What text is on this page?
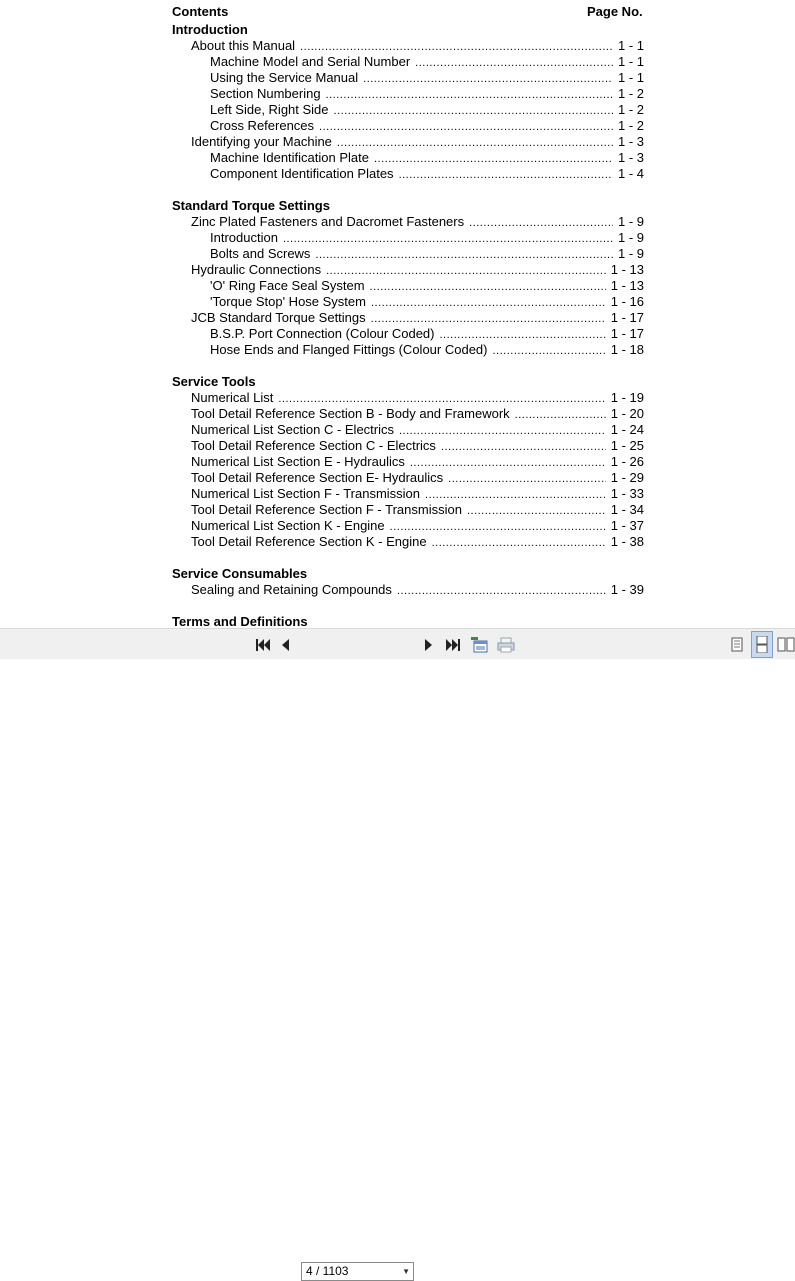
Contents	Page No.
Introduction
About this Manual .....	1 - 1
Machine Model and Serial Number .....	1 - 1
Using the Service Manual .....	1 - 1
Section Numbering .....	1 - 2
Left Side, Right Side .....	1 - 2
Cross References .....	1 - 2
Identifying your Machine .....	1 - 3
Machine Identification Plate .....	1 - 3
Component Identification Plates .....	1 - 4
Standard Torque Settings
Zinc Plated Fasteners and Dacromet Fasteners .....	1 - 9
Introduction .....	1 - 9
Bolts and Screws .....	1 - 9
Hydraulic Connections .....	1 - 13
'O' Ring Face Seal System .....	1 - 13
'Torque Stop' Hose System .....	1 - 16
JCB Standard Torque Settings .....	1 - 17
B.S.P. Port Connection (Colour Coded) .....	1 - 17
Hose Ends and Flanged Fittings (Colour Coded) .....	1 - 18
Service Tools
Numerical List .....	1 - 19
Tool Detail Reference Section B - Body and Framework .....	1 - 20
Numerical List Section C - Electrics .....	1 - 24
Tool Detail Reference Section C - Electrics .....	1 - 25
Numerical List Section E - Hydraulics .....	1 - 26
Tool Detail Reference Section E- Hydraulics .....	1 - 29
Numerical List Section F - Transmission .....	1 - 33
Tool Detail Reference Section F - Transmission .....	1 - 34
Numerical List Section K - Engine .....	1 - 37
Tool Detail Reference Section K - Engine .....	1 - 38
Service Consumables
Sealing and Retaining Compounds .....	1 - 39
Terms and Definitions
4 / 1103	▼
